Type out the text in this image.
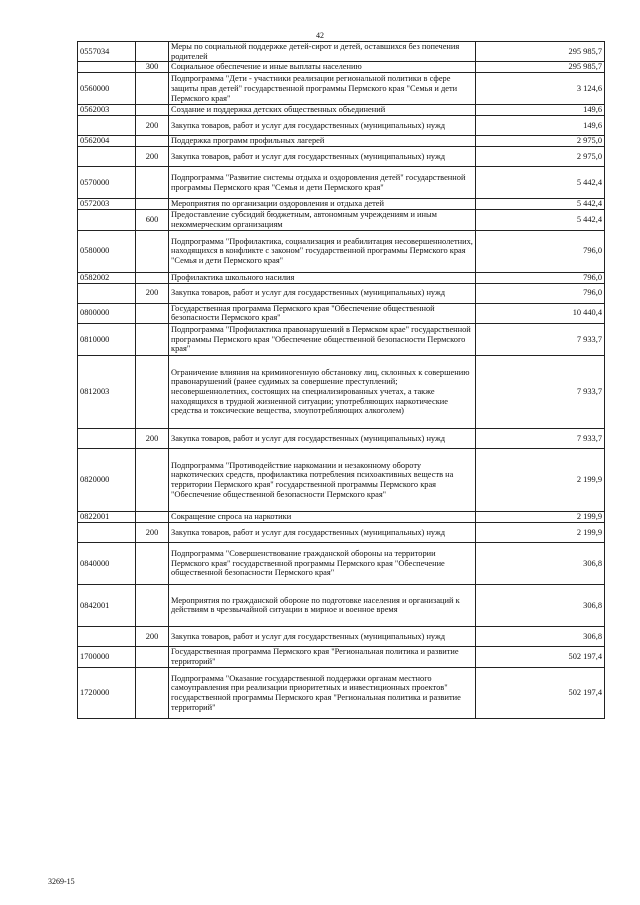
42
0557034		Меры по социальной поддержке детей-сирот и детей, оставшихся без попечения родителей	295 985,7
	300	Социальное обеспечение и иные выплаты населению	295 985,7
0560000		Подпрограмма "Дети - участники реализации региональной политики в сфере защиты прав детей" государственной программы Пермского края "Семья и дети Пермского края"	3 124,6
0562003		Создание и поддержка детских общественных объединений	149,6
	200	Закупка товаров, работ и услуг для государственных (муниципальных) нужд	149,6
0562004		Поддержка программ профильных лагерей	2 975,0
	200	Закупка товаров, работ и услуг для государственных (муниципальных) нужд	2 975,0
0570000		Подпрограмма "Развитие системы отдыха и оздоровления детей" государственной программы Пермского края "Семья и дети Пермского края"	5 442,4
0572003		Мероприятия по организации оздоровления и отдыха детей	5 442,4
	600	Предоставление субсидий бюджетным, автономным учреждениям и иным некоммерческим организациям	5 442,4
0580000		Подпрограмма "Профилактика, социализация и реабилитация несовершеннолетних, находящихся в конфликте с законом" государственной программы Пермского края "Семья и дети Пермского края"	796,0
0582002		Профилактика школьного насилия	796,0
	200	Закупка товаров, работ и услуг для государственных (муниципальных) нужд	796,0
0800000		Государственная программа Пермского края "Обеспечение общественной безопасности Пермского края"	10 440,4
0810000		Подпрограмма "Профилактика правонарушений в Пермском крае" государственной программы Пермского края "Обеспечение общественной безопасности Пермского края"	7 933,7
0812003		Ограничение влияния на криминогенную обстановку лиц, склонных к совершению правонарушений (ранее судимых за совершение преступлений; несовершеннолетних, состоящих на специализированных учетах, а также находящихся в трудной жизненной ситуации; употребляющих наркотические средства и токсические вещества, злоупотребляющих алкоголем)	7 933,7
	200	Закупка товаров, работ и услуг для государственных (муниципальных) нужд	7 933,7
0820000		Подпрограмма "Противодействие наркомании и незаконному обороту наркотических средств, профилактика потребления психоактивных веществ на территории Пермского края" государственной программы Пермского края "Обеспечение общественной безопасности Пермского края"	2 199,9
0822001		Сокращение спроса на наркотики	2 199,9
	200	Закупка товаров, работ и услуг для государственных (муниципальных) нужд	2 199,9
0840000		Подпрограмма "Совершенствование гражданской обороны на территории Пермского края" государственной программы Пермского края "Обеспечение общественной безопасности Пермского края"	306,8
0842001		Мероприятия по гражданской обороне по подготовке населения и организаций к действиям в чрезвычайной ситуации в мирное и военное время	306,8
	200	Закупка товаров, работ и услуг для государственных (муниципальных) нужд	306,8
1700000		Государственная программа Пермского края "Региональная политика и развитие территорий"	502 197,4
1720000		Подпрограмма "Оказание государственной поддержки органам местного самоуправления при реализации приоритетных и инвестиционных проектов" государственной программы Пермского края "Региональная политика и развитие территорий"	502 197,4
3269-15
